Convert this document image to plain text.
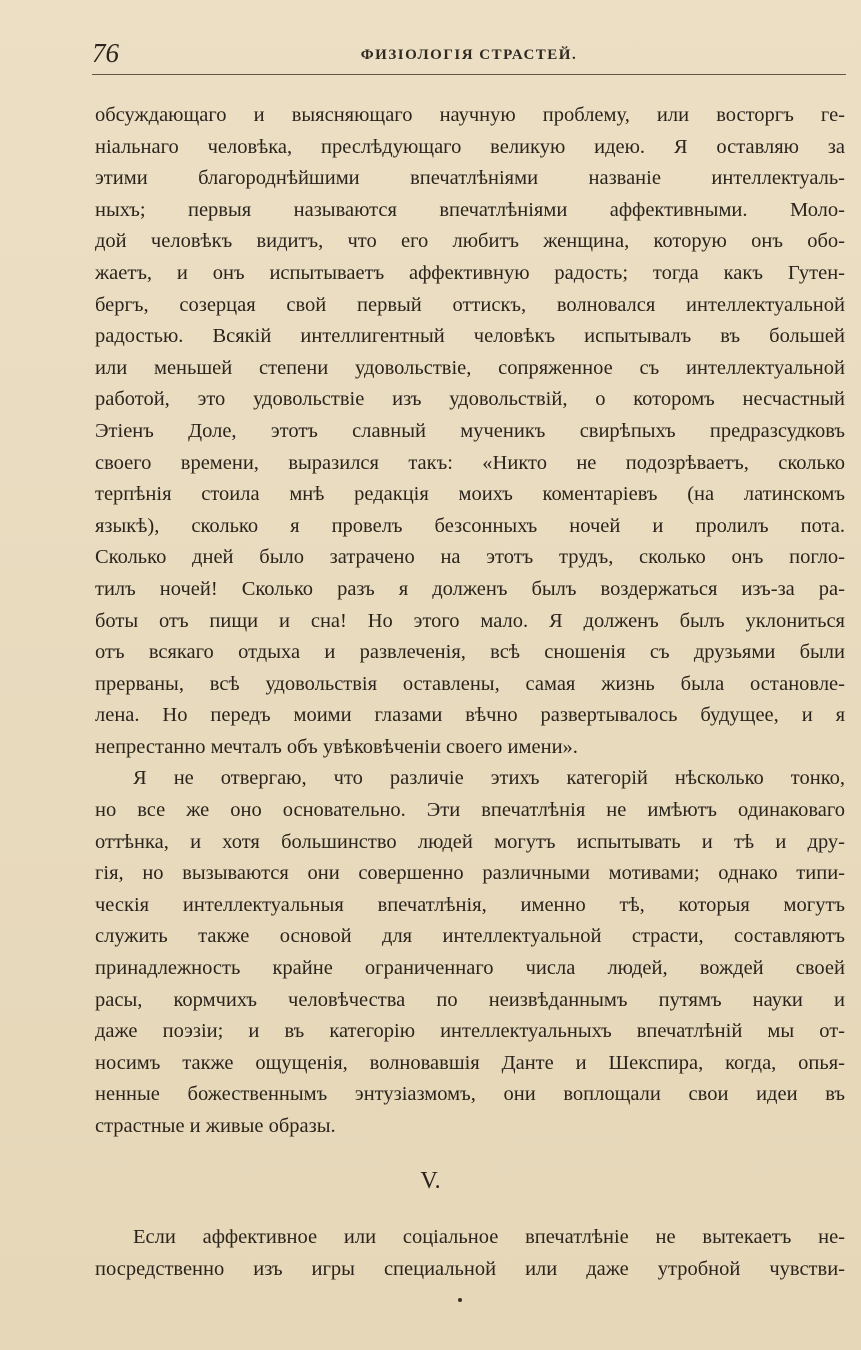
76	ФИЗІОЛОГІЯ СТРАСТЕЙ.
обсуждающаго и выясняющаго научную проблему, или восторгъ ге-
ніальнаго человѣка, преслѣдующаго великую идею. Я оставляю за
этими благороднѣйшими впечатлѣніями названіе интеллектуаль-
ныхъ; первыя называются впечатлѣніями аффективными. Моло-
дой человѣкъ видитъ, что его любитъ женщина, которую онъ обо-
жаетъ, и онъ испытываетъ аффективную радость; тогда какъ Гутен-
бергъ, созерцая свой первый оттискъ, волновался интеллектуальной
радостью. Всякій интеллигентный человѣкъ испытывалъ въ большей
или меньшей степени удовольствіе, сопряженное съ интеллектуальной
работой, это удовольствіе изъ удовольствій, о которомъ несчастный
Этіенъ Доле, этотъ славный мученикъ свирѣпыхъ предразсудковъ
своего времени, выразился такъ: «Никто не подозрѣваетъ, сколько
терпѣнія стоила мнѣ редакція моихъ коментаріевъ (на латинскомъ
языкѣ), сколько я провелъ безсонныхъ ночей и пролилъ пота.
Сколько дней было затрачено на этотъ трудъ, сколько онъ погло-
тилъ ночей! Сколько разъ я долженъ былъ воздержаться изъ-за ра-
боты отъ пищи и сна! Но этого мало. Я долженъ былъ уклониться
отъ всякаго отдыха и развлеченія, всѣ сношенія съ друзьями были
прерваны, всѣ удовольствія оставлены, самая жизнь была остановле-
лена. Но передъ моими глазами вѣчно развертывалось будущее, и я
непрестанно мечталъ объ увѣковѣченіи своего имени».
Я не отвергаю, что различіе этихъ категорій нѣсколько тонко,
но все же оно основательно. Эти впечатлѣнія не имѣютъ одинаковаго
оттѣнка, и хотя большинство людей могутъ испытывать и тѣ и дру-
гія, но вызываются они совершенно различными мотивами; однако типи-
ческія интеллектуальныя впечатлѣнія, именно тѣ, которыя могутъ
служить также основой для интеллектуальной страсти, составляютъ
принадлежность крайне ограниченнаго числа людей, вождей своей
расы, кормчихъ человѣчества по неизвѣданнымъ путямъ науки и
даже поэзіи; и въ категорію интеллектуальныхъ впечатлѣній мы от-
носимъ также ощущенія, волновавшія Данте и Шекспира, когда, опья-
ненные божественнымъ энтузіазмомъ, они воплощали свои идеи въ
страстные и живые образы.
V.
Если аффективное или соціальное впечатлѣніе не вытекаетъ не-
посредственно изъ игры специальной или даже утробной чувстви-
